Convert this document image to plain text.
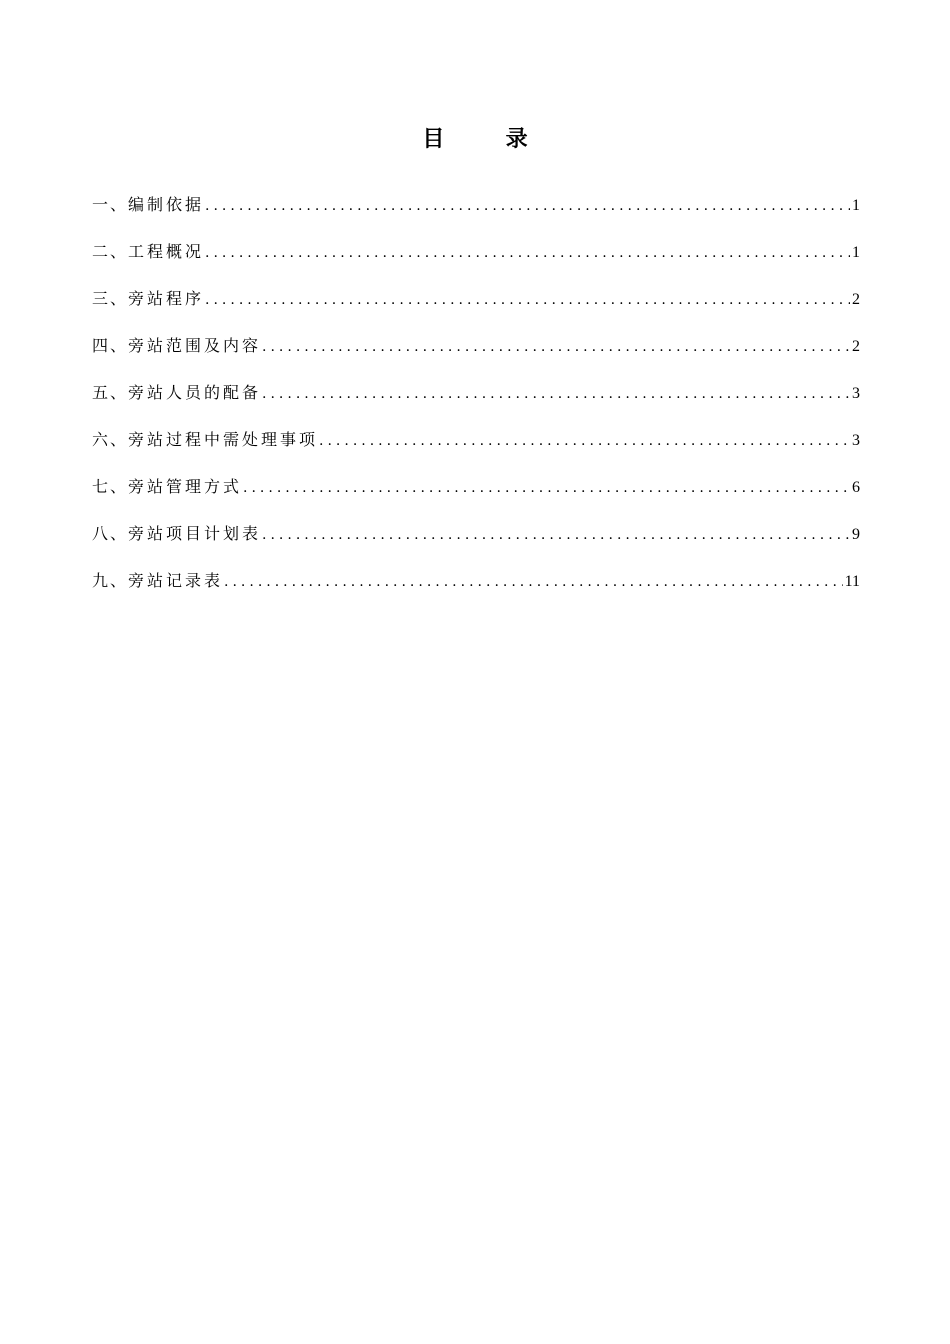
目        录
一、 编制依据 .....	1
二、 工程概况 .....	1
三、 旁站程序 .....	2
四、 旁站范围及内容 .....	2
五、 旁站人员的配备 .....	3
六、 旁站过程中需处理事项 .....	3
七、 旁站管理方式 .....	6
八、 旁站项目计划表 .....	9
九、 旁站记录表 .....	11
